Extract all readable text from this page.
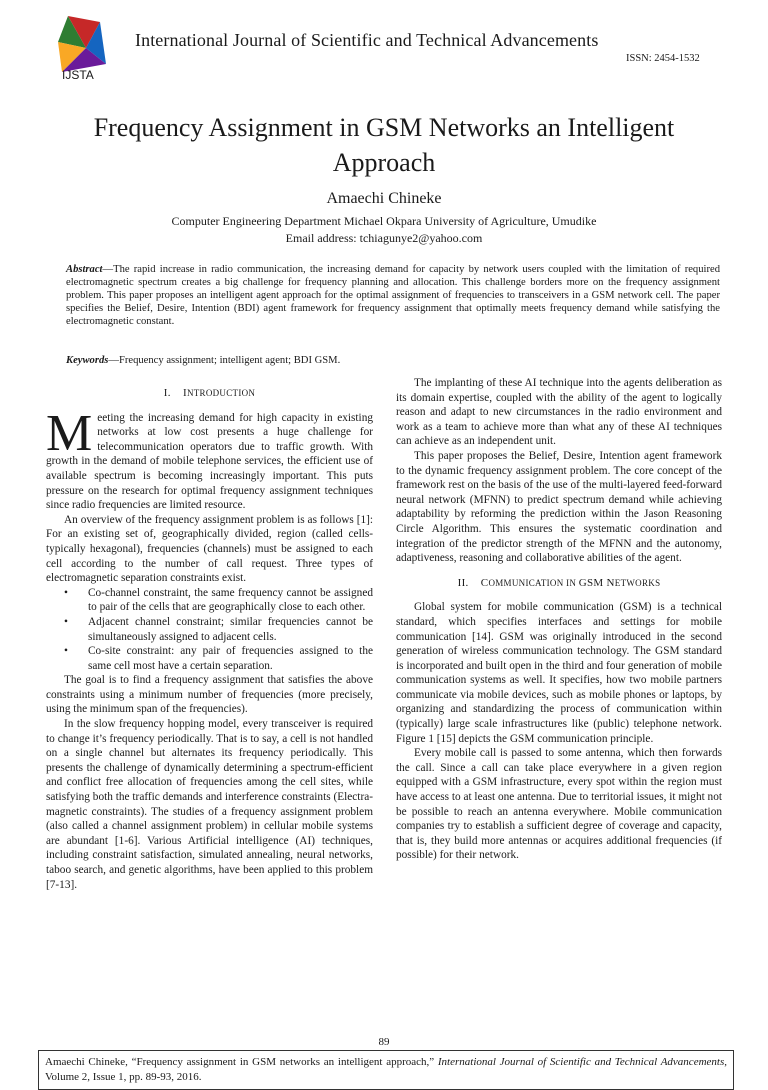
IJSTA
International Journal of Scientific and Technical Advancements
ISSN: 2454-1532
Frequency Assignment in GSM Networks an Intelligent Approach
Amaechi Chineke
Computer Engineering Department Michael Okpara University of Agriculture, Umudike
Email address: tchiagunye2@yahoo.com
Abstract—The rapid increase in radio communication, the increasing demand for capacity by network users coupled with the limitation of required electromagnetic spectrum creates a big challenge for frequency planning and allocation. This challenge borders more on the frequency assignment problem. This paper proposes an intelligent agent approach for the optimal assignment of frequencies to transceivers in a GSM network cell. The paper specifies the Belief, Desire, Intention (BDI) agent framework for frequency assignment that optimally meets frequency demand while satisfying the electromagnetic constant.
Keywords—Frequency assignment; intelligent agent; BDI GSM.
I. INTRODUCTION

Meeting the increasing demand for high capacity in existing networks at low cost presents a huge challenge for telecommunication operators due to traffic growth. With growth in the demand of mobile telephone services, the efficient use of available spectrum is becoming increasingly important. This puts pressure on the research for optimal frequency assignment techniques since radio frequencies are limited resource.

An overview of the frequency assignment problem is as follows [1]: For an existing set of, geographically divided, region (called cells-typically hexagonal), frequencies (channels) must be assigned to each cell according to the number of call request. Three types of electromagnetic separation constraints exist.

• Co-channel constraint, the same frequency cannot be assigned to pair of the cells that are geographically close to each other.
• Adjacent channel constraint; similar frequencies cannot be simultaneously assigned to adjacent cells.
• Co-site constraint: any pair of frequencies assigned to the same cell most have a certain separation.

The goal is to find a frequency assignment that satisfies the above constraints using a minimum number of frequencies (more precisely, using the minimum span of the frequencies).

In the slow frequency hopping model, every transceiver is required to change it’s frequency periodically. That is to say, a cell is not handled on a single channel but alternates its frequency periodically. This presents the challenge of dynamically determining a spectrum-efficient and conflict free allocation of frequencies among the cell sites, while satisfying both the traffic demands and interference constraints (Electra-magnetic constraints). The studies of a frequency assignment problem (also called a channel assignment problem) in cellular mobile systems are abundant [1-6]. Various Artificial intelligence (AI) techniques, including constraint satisfaction, simulated annealing, neural networks, taboo search, and genetic algorithms, have been applied to this problem [7-13].

The implanting of these AI technique into the agents deliberation as its domain expertise, coupled with the ability of the agent to logically reason and adapt to new circumstances in the radio environment and work as a team to achieve more than what any of these AI techniques can achieve as an independent unit.

This paper proposes the Belief, Desire, Intention agent framework to the dynamic frequency assignment problem. The core concept of the framework rest on the basis of the use of the multi-layered feed-forward neural network (MFNN) to predict spectrum demand while achieving adaptability by reforming the prediction within the Jason Reasoning Circle Algorithm. This ensures the systematic coordination and integration of the predictor strength of the MFNN and the autonomy, adaptiveness, reasoning and collaborative abilities of the agent.

II. COMMUNICATION IN GSM NETWORKS

Global system for mobile communication (GSM) is a technical standard, which specifies interfaces and settings for mobile communication [14]. GSM was originally introduced in the second generation of wireless communication technology. The GSM standard is incorporated and built open in the third and four generation of mobile communication systems as well. It specifies, how two mobile partners communicate via mobile devices, such as mobile phones or laptops, by organizing and standardizing the process of communication within (typically) large scale infrastructures like (public) telephone network. Figure 1 [15] depicts the GSM communication principle.

Every mobile call is passed to some antenna, which then forwards the call. Since a call can take place everywhere in a given region equipped with a GSM infrastructure, every spot within the region must have access to at least one antenna. Due to territorial issues, it might not be possible to reach an antenna everywhere. Mobile communication companies try to establish a sufficient degree of coverage and capacity, that is, they build more antennas or acquires additional frequencies (if possible) for their network.

89
Amaechi Chineke, “Frequency assignment in GSM networks an intelligent approach,” International Journal of Scientific and Technical Advancements, Volume 2, Issue 1, pp. 89-93, 2016.
